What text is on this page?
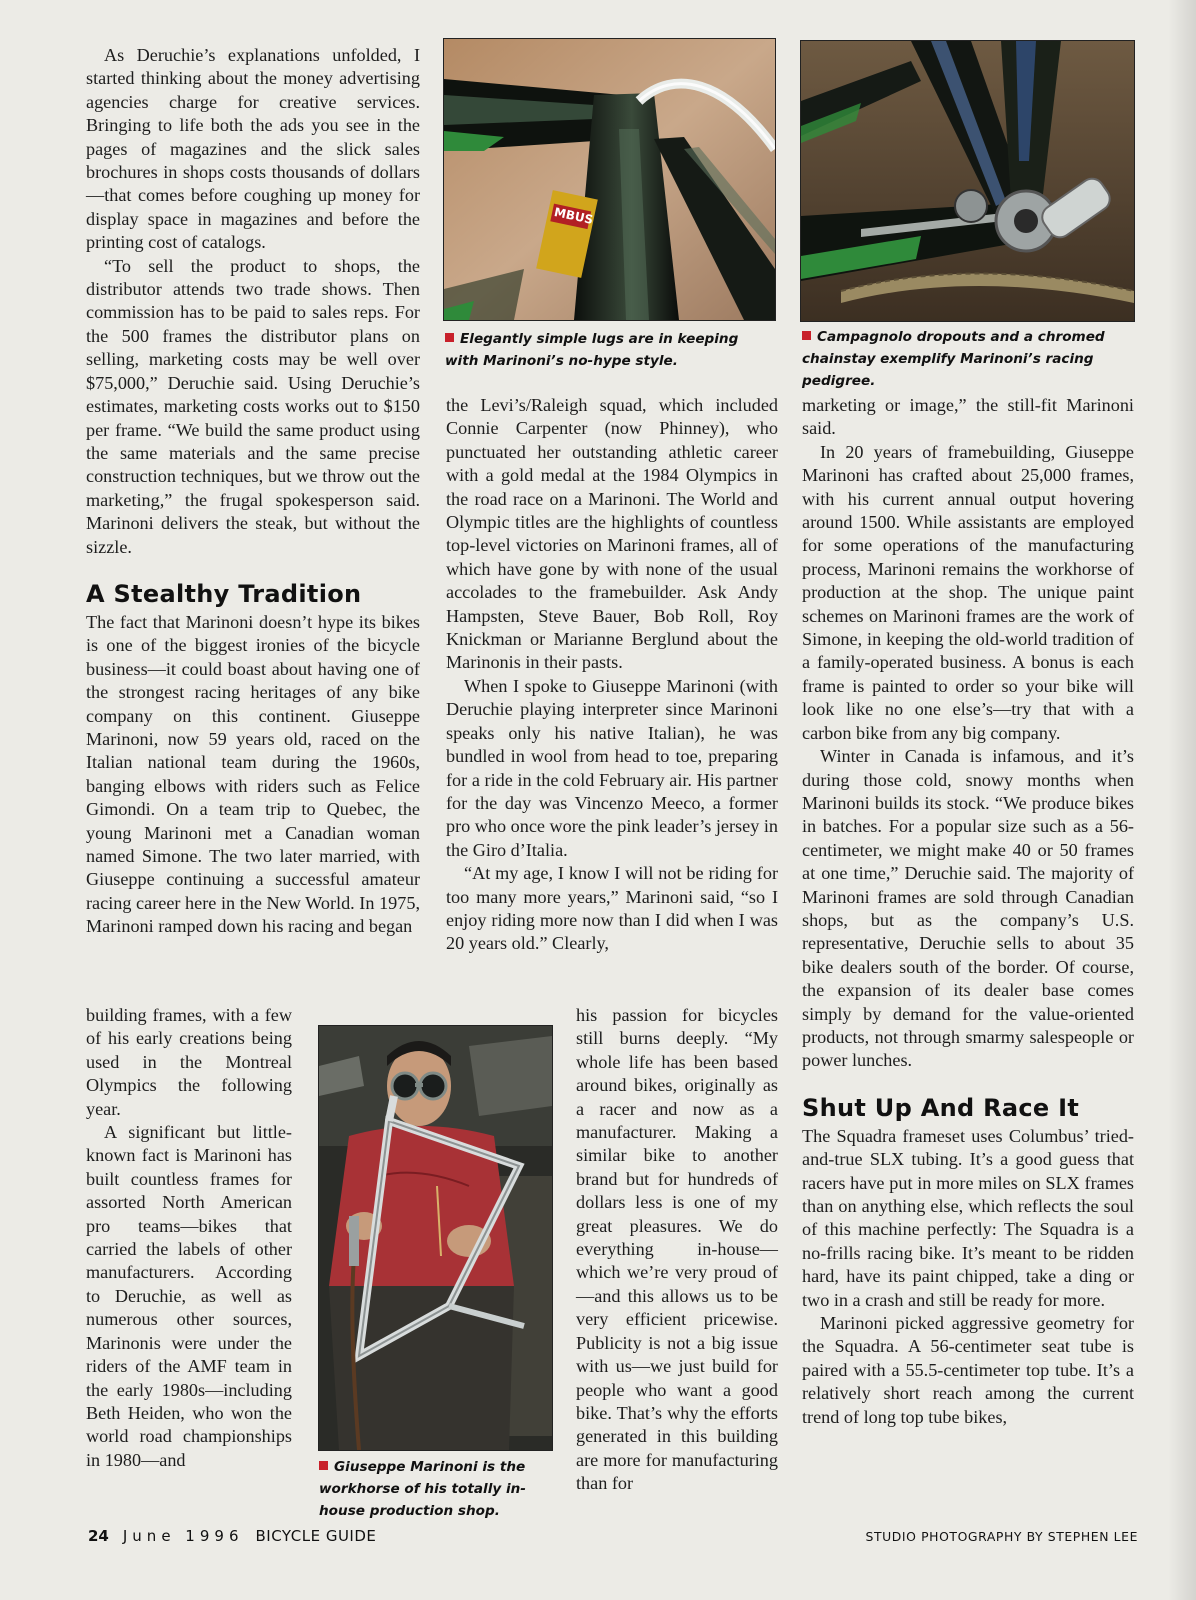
As Deruchie’s explanations unfolded, I started thinking about the money advertising agencies charge for creative services. Bringing to life both the ads you see in the pages of magazines and the slick sales brochures in shops costs thousands of dollars—that comes before coughing up money for display space in magazines and before the printing cost of catalogs.

“To sell the product to shops, the distributor attends two trade shows. Then commission has to be paid to sales reps. For the 500 frames the distributor plans on selling, marketing costs may be well over $75,000,” Deruchie said. Using Deruchie’s estimates, marketing costs works out to $150 per frame. “We build the same product using the same materials and the same precise construction techniques, but we throw out the marketing,” the frugal spokesperson said. Marinoni delivers the steak, but without the sizzle.

A Stealthy Tradition

The fact that Marinoni doesn’t hype its bikes is one of the biggest ironies of the bicycle business—it could boast about having one of the strongest racing heritages of any bike company on this continent. Giuseppe Marinoni, now 59 years old, raced on the Italian national team during the 1960s, banging elbows with riders such as Felice Gimondi. On a team trip to Quebec, the young Marinoni met a Canadian woman named Simone. The two later married, with Giuseppe continuing a successful amateur racing career here in the New World. In 1975, Marinoni ramped down his racing and began

building frames, with a few of his early creations being used in the Montreal Olympics the following year.

A significant but little-known fact is Marinoni has built countless frames for assorted North American pro teams—bikes that carried the labels of other manufacturers. According to Deruchie, as well as numerous other sources, Marinonis were under the riders of the AMF team in the early 1980s—including Beth Heiden, who won the world road championships in 1980—and

MBUS
Elegantly simple lugs are in keeping with Marinoni’s no-hype style.
Campagnolo dropouts and a chromed chainstay exemplify Marinoni’s racing pedigree.

the Levi’s/Raleigh squad, which included Connie Carpenter (now Phinney), who punctuated her outstanding athletic career with a gold medal at the 1984 Olympics in the road race on a Marinoni. The World and Olympic titles are the highlights of countless top-level victories on Marinoni frames, all of which have gone by with none of the usual accolades to the framebuilder. Ask Andy Hampsten, Steve Bauer, Bob Roll, Roy Knickman or Marianne Berglund about the Marinonis in their pasts.

When I spoke to Giuseppe Marinoni (with Deruchie playing interpreter since Marinoni speaks only his native Italian), he was bundled in wool from head to toe, preparing for a ride in the cold February air. His partner for the day was Vincenzo Meeco, a former pro who once wore the pink leader’s jersey in the Giro d’Italia.

“At my age, I know I will not be riding for too many more years,” Marinoni said, “so I enjoy riding more now than I did when I was 20 years old.” Clearly,

his passion for bicycles still burns deeply. “My whole life has been based around bikes, originally as a racer and now as a manufacturer. Making a similar bike to another brand but for hundreds of dollars less is one of my great pleasures. We do everything in-house—which we’re very proud of—and this allows us to be very efficient pricewise. Publicity is not a big issue with us—we just build for people who want a good bike. That’s why the efforts generated in this building are more for manufacturing than for

Giuseppe Marinoni is the workhorse of his totally in-house production shop.

marketing or image,” the still-fit Marinoni said.

In 20 years of framebuilding, Giuseppe Marinoni has crafted about 25,000 frames, with his current annual output hovering around 1500. While assistants are employed for some operations of the manufacturing process, Marinoni remains the workhorse of production at the shop. The unique paint schemes on Marinoni frames are the work of Simone, in keeping the old-world tradition of a family-operated business. A bonus is each frame is painted to order so your bike will look like no one else’s—try that with a carbon bike from any big company.

Winter in Canada is infamous, and it’s during those cold, snowy months when Marinoni builds its stock. “We produce bikes in batches. For a popular size such as a 56-centimeter, we might make 40 or 50 frames at one time,” Deruchie said. The majority of Marinoni frames are sold through Canadian shops, but as the company’s U.S. representative, Deruchie sells to about 35 bike dealers south of the border. Of course, the expansion of its dealer base comes simply by demand for the value-oriented products, not through smarmy salespeople or power lunches.

Shut Up And Race It

The Squadra frameset uses Columbus’ tried-and-true SLX tubing. It’s a good guess that racers have put in more miles on SLX frames than on anything else, which reflects the soul of this machine perfectly: The Squadra is a no-frills racing bike. It’s meant to be ridden hard, have its paint chipped, take a ding or two in a crash and still be ready for more.

Marinoni picked aggressive geometry for the Squadra. A 56-centimeter seat tube is paired with a 55.5-centimeter top tube. It’s a relatively short reach among the current trend of long top tube bikes,

24 June 1996 BICYCLE GUIDE	STUDIO PHOTOGRAPHY BY STEPHEN LEE
